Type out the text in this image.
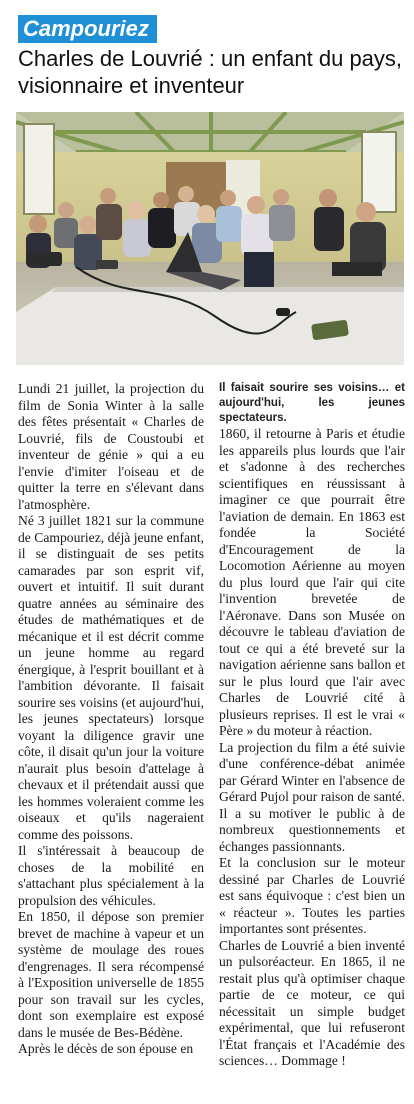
Campouriez
Charles de Louvrié : un enfant du pays, visionnaire et inventeur

Lundi 21 juillet, la projection du film de Sonia Winter à la salle des fêtes présentait « Charles de Louvrié, fils de Coustoubi et inventeur de génie » qui a eu l'envie d'imiter l'oiseau et de quitter la terre en s'élevant dans l'atmosphère.

Né 3 juillet 1821 sur la commune de Campouriez, déjà jeune enfant, il se distinguait de ses petits camarades par son esprit vif, ouvert et intuitif. Il suit durant quatre années au séminaire des études de mathématiques et de mécanique et il est décrit comme un jeune homme au regard énergique, à l'esprit bouillant et à l'ambition dévorante. Il faisait sourire ses voisins (et aujourd'hui, les jeunes spectateurs) lorsque voyant la diligence gravir une côte, il disait qu'un jour la voiture n'aurait plus besoin d'attelage à chevaux et il prétendait aussi que les hommes voleraient comme les oiseaux et qu'ils nageraient comme des poissons.

Il s'intéressait à beaucoup de choses de la mobilité en s'attachant plus spécialement à la propulsion des véhicules.

En 1850, il dépose son premier brevet de machine à vapeur et un système de moulage des roues d'engrenages. Il sera récompensé à l'Exposition universelle de 1855 pour son travail sur les cycles, dont son exemplaire est exposé dans le musée de Bes-Bédène.

Après le décès de son épouse en

Il faisait sourire ses voisins… et aujourd'hui, les jeunes spectateurs.

1860, il retourne à Paris et étudie les appareils plus lourds que l'air et s'adonne à des recherches scientifiques en réussissant à imaginer ce que pourrait être l'aviation de demain. En 1863 est fondée la Société d'Encouragement de la Locomotion Aérienne au moyen du plus lourd que l'air qui cite l'invention brevetée de l'Aéronave. Dans son Musée on découvre le tableau d'aviation de tout ce qui a été breveté sur la navigation aérienne sans ballon et sur le plus lourd que l'air avec Charles de Louvrié cité à plusieurs reprises. Il est le vrai « Père » du moteur à réaction.

La projection du film a été suivie d'une conférence-débat animée par Gérard Winter en l'absence de Gérard Pujol pour raison de santé. Il a su motiver le public à de nombreux questionnements et échanges passionnants.

Et la conclusion sur le moteur dessiné par Charles de Louvrié est sans équivoque : c'est bien un « réacteur ». Toutes les parties importantes sont présentes.

Charles de Louvrié a bien inventé un pulsoréacteur. En 1865, il ne restait plus qu'à optimiser chaque partie de ce moteur, ce qui nécessitait un simple budget expérimental, que lui refuseront l'État français et l'Académie des sciences… Dommage !
